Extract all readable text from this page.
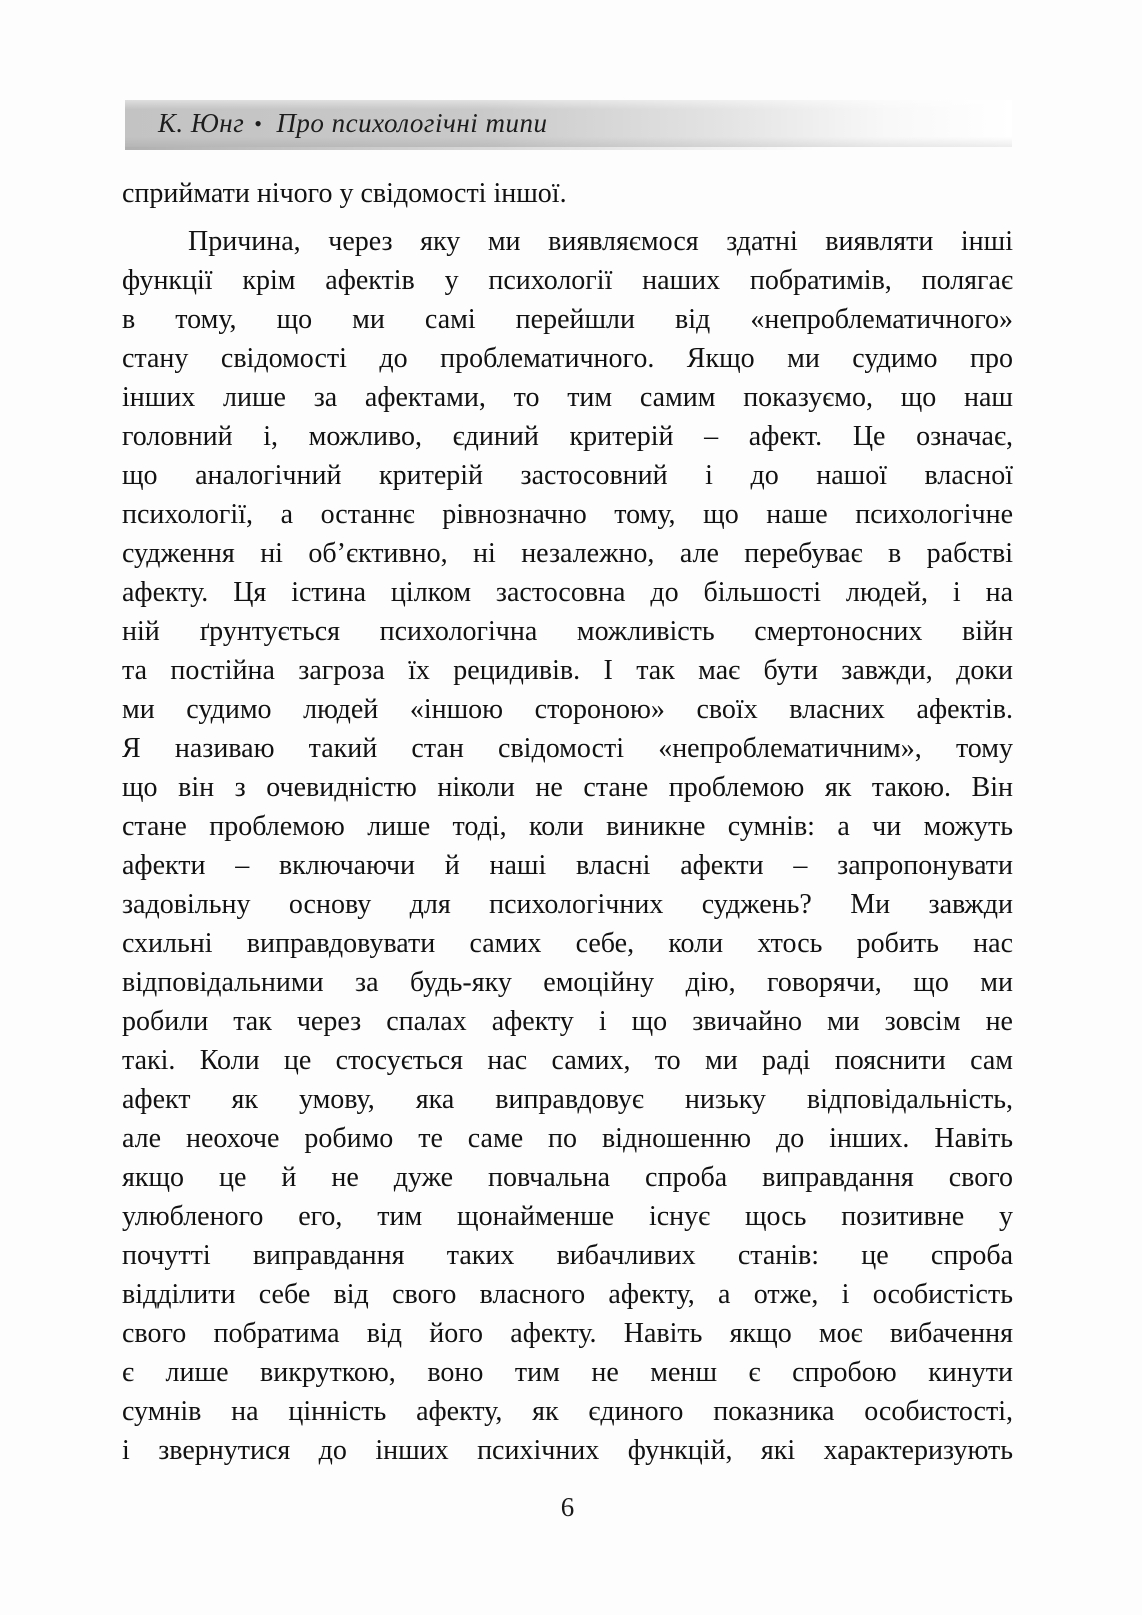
К. Юнг • Про психологічні типи
сприймати нічого у свідомості іншої.
Причина, через яку ми виявляємося здатні виявляти інші
функції крім афектів у психології наших побратимів, полягає
в тому, що ми самі перейшли від «непроблематичного»
стану свідомості до проблематичного. Якщо ми судимо про
інших лише за афектами, то тим самим показуємо, що наш
головний і, можливо, єдиний критерій – афект. Це означає,
що аналогічний критерій застосовний і до нашої власної
психології, а останнє рівнозначно тому, що наше психологічне
судження ні об’єктивно, ні незалежно, але перебуває в рабстві
афекту. Ця істина цілком застосовна до більшості людей, і на
ній ґрунтується психологічна можливість смертоносних війн
та постійна загроза їх рецидивів. І так має бути завжди, доки
ми судимо людей «іншою стороною» своїх власних афектів.
Я називаю такий стан свідомості «непроблематичним», тому
що він з очевидністю ніколи не стане проблемою як такою. Він
стане проблемою лише тоді, коли виникне сумнів: а чи можуть
афекти – включаючи й наші власні афекти – запропонувати
задовільну основу для психологічних суджень? Ми завжди
схильні виправдовувати самих себе, коли хтось робить нас
відповідальними за будь-яку емоційну дію, говорячи, що ми
робили так через спалах афекту і що звичайно ми зовсім не
такі. Коли це стосується нас самих, то ми раді пояснити сам
афект як умову, яка виправдовує низьку відповідальність,
але неохоче робимо те саме по відношенню до інших. Навіть
якщо це й не дуже повчальна спроба виправдання свого
улюбленого его, тим щонайменше існує щось позитивне у
почутті виправдання таких вибачливих станів: це спроба
відділити себе від свого власного афекту, а отже, і особистість
свого побратима від його афекту. Навіть якщо моє вибачення
є лише викруткою, воно тим не менш є спробою кинути
сумнів на цінність афекту, як єдиного показника особистості,
і звернутися до інших психічних функцій, які характеризують
6
